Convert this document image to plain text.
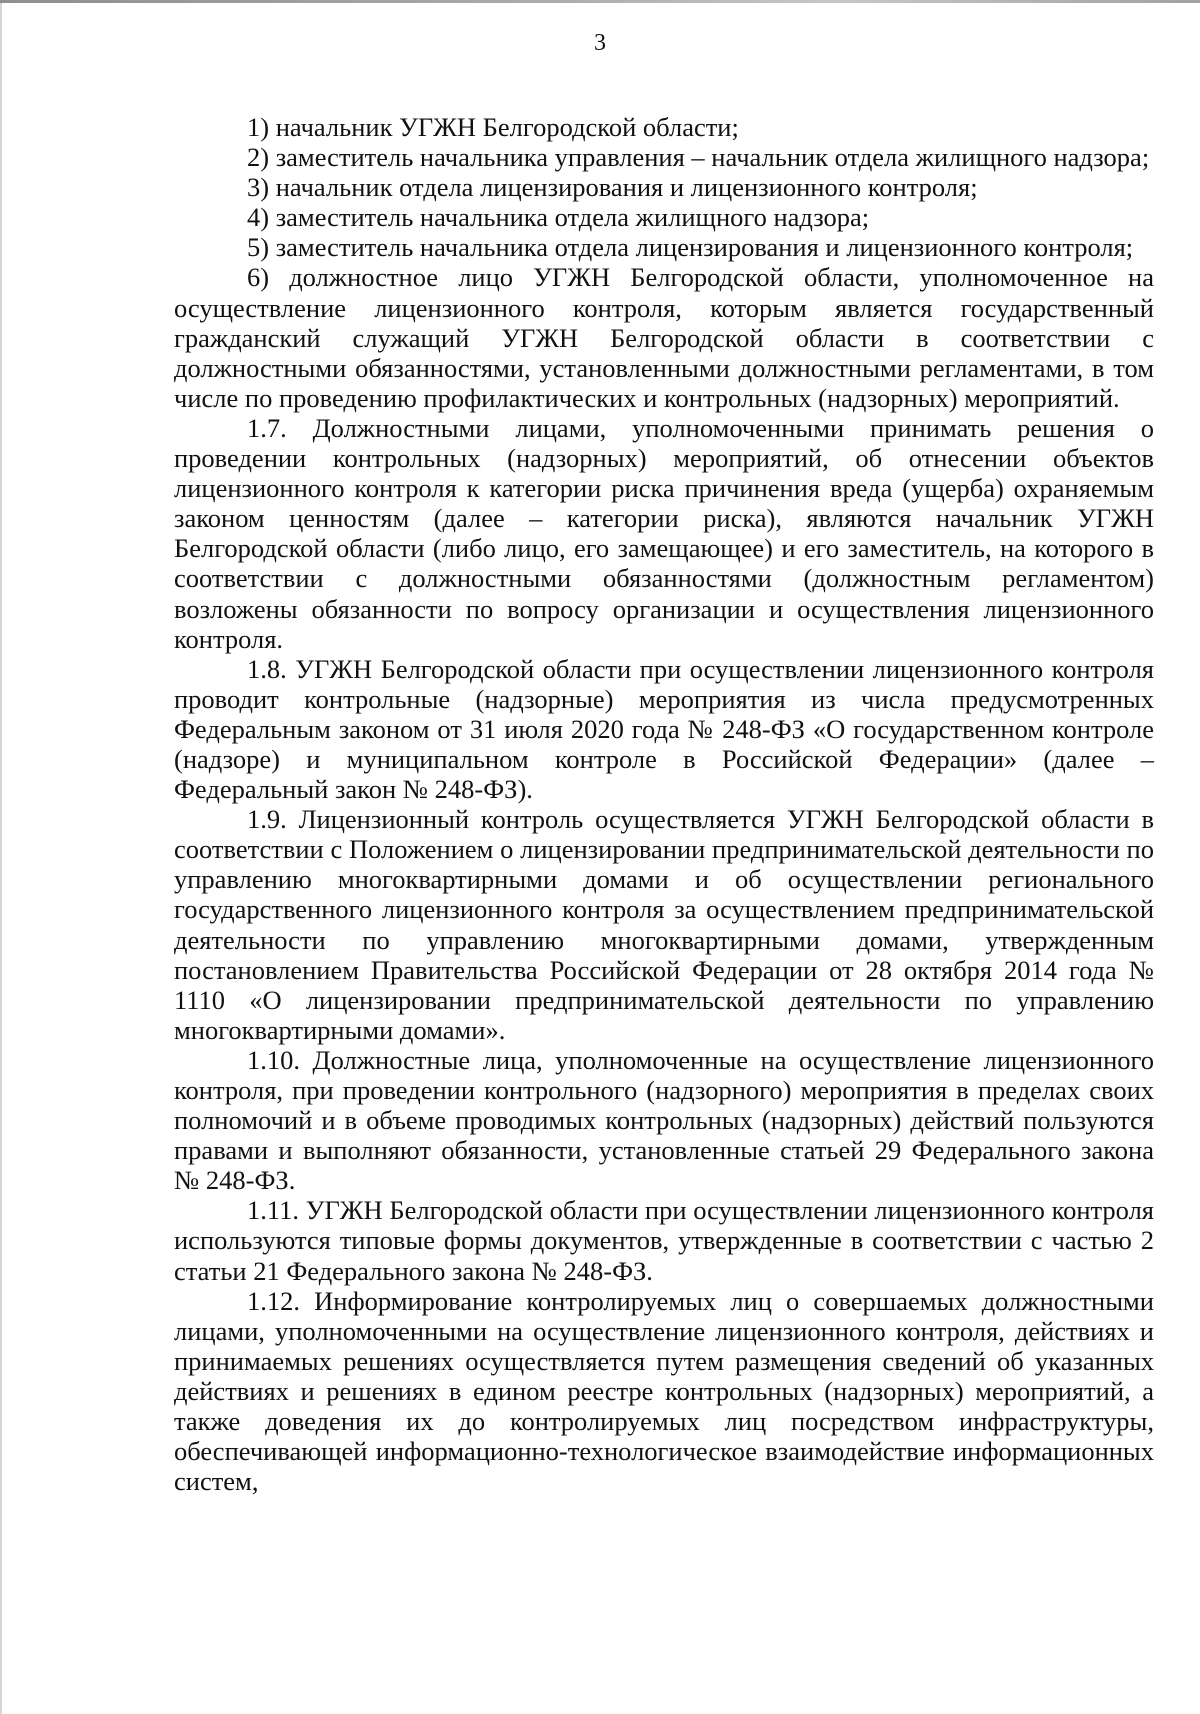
3

1) начальник УГЖН Белгородской области;

2) заместитель начальника управления – начальник отдела жилищного надзора;

3) начальник отдела лицензирования и лицензионного контроля;

4) заместитель начальника отдела жилищного надзора;

5) заместитель начальника отдела лицензирования и лицензионного контроля;

6) должностное лицо УГЖН Белгородской области, уполномоченное на осуществление лицензионного контроля, которым является государственный гражданский служащий УГЖН Белгородской области в соответствии с должностными обязанностями, установленными должностными регламентами, в том числе по проведению профилактических и контрольных (надзорных) мероприятий.

1.7. Должностными лицами, уполномоченными принимать решения о проведении контрольных (надзорных) мероприятий, об отнесении объектов лицензионного контроля к категории риска причинения вреда (ущерба) охраняемым законом ценностям (далее – категории риска), являются начальник УГЖН Белгородской области (либо лицо, его замещающее) и его заместитель, на которого в соответствии с должностными обязанностями (должностным регламентом) возложены обязанности по вопросу организации и осуществления лицензионного контроля.

1.8. УГЖН Белгородской области при осуществлении лицензионного контроля проводит контрольные (надзорные) мероприятия из числа предусмотренных Федеральным законом от 31 июля 2020 года № 248-ФЗ «О государственном контроле (надзоре) и муниципальном контроле в Российской Федерации» (далее – Федеральный закон № 248-ФЗ).

1.9. Лицензионный контроль осуществляется УГЖН Белгородской области в соответствии с Положением о лицензировании предпринимательской деятельности по управлению многоквартирными домами и об осуществлении регионального государственного лицензионного контроля за осуществлением предпринимательской деятельности по управлению многоквартирными домами, утвержденным постановлением Правительства Российской Федерации от 28 октября 2014 года № 1110 «О лицензировании предпринимательской деятельности по управлению многоквартирными домами».

1.10. Должностные лица, уполномоченные на осуществление лицензионного контроля, при проведении контрольного (надзорного) мероприятия в пределах своих полномочий и в объеме проводимых контрольных (надзорных) действий пользуются правами и выполняют обязанности, установленные статьей 29 Федерального закона № 248-ФЗ.

1.11. УГЖН Белгородской области при осуществлении лицензионного контроля используются типовые формы документов, утвержденные в соответствии с частью 2 статьи 21 Федерального закона № 248-ФЗ.

1.12. Информирование контролируемых лиц о совершаемых должностными лицами, уполномоченными на осуществление лицензионного контроля, действиях и принимаемых решениях осуществляется путем размещения сведений об указанных действиях и решениях в едином реестре контрольных (надзорных) мероприятий, а также доведения их до контролируемых лиц посредством инфраструктуры, обеспечивающей информационно-технологическое взаимодействие информационных систем,
